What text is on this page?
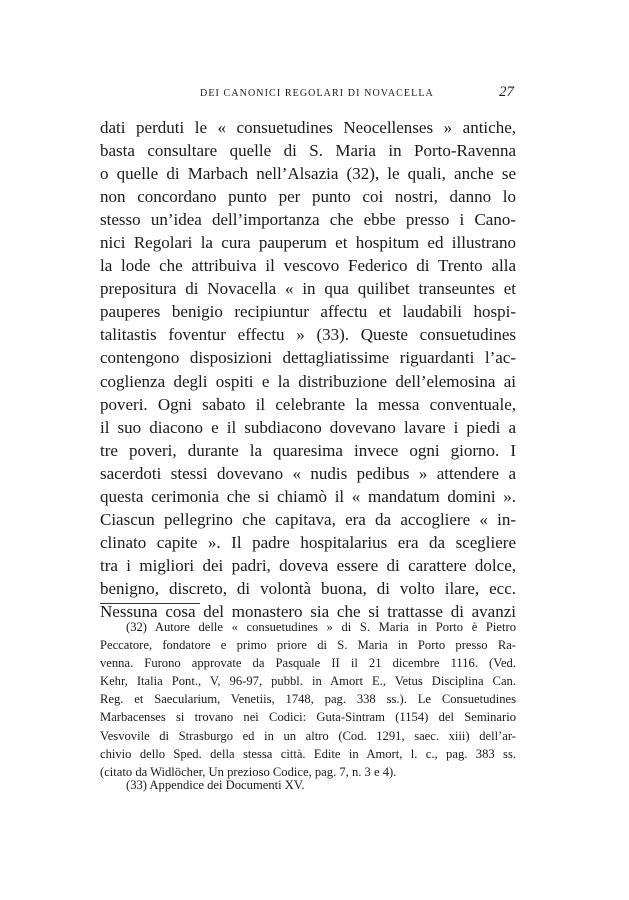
DEI CANONICI REGOLARI DI NOVACELLA	27
dati perduti le « consuetudines Neocellenses » antiche,
basta consultare quelle di S. Maria in Porto-Ravenna
o quelle di Marbach nell’Alsazia (32), le quali, anche se
non concordano punto per punto coi nostri, danno lo
stesso un’idea dell’importanza che ebbe presso i Cano-
nici Regolari la cura pauperum et hospitum ed illustrano
la lode che attribuiva il vescovo Federico di Trento alla
prepositura di Novacella « in qua quilibet transeuntes et
pauperes benigio recipiuntur affectu et laudabili hospi-
talitastis foventur effectu » (33). Queste consuetudines
contengono disposizioni dettagliatissime riguardanti l’ac-
coglienza degli ospiti e la distribuzione dell’elemosina ai
poveri. Ogni sabato il celebrante la messa conventuale,
il suo diacono e il subdiacono dovevano lavare i piedi a
tre poveri, durante la quaresima invece ogni giorno. I
sacerdoti stessi dovevano « nudis pedibus » attendere a
questa cerimonia che si chiamò il « mandatum domini ».
Ciascun pellegrino che capitava, era da accogliere « in-
clinato capite ». Il padre hospitalarius era da scegliere
tra i migliori dei padri, doveva essere di carattere dolce,
benigno, discreto, di volontà buona, di volto ilare, ecc.
Nessuna cosa del monastero sia che si trattasse di avanzi
(32) Autore delle « consuetudines » di S. Maria in Porto è Pietro
Peccatore, fondatore e primo priore di S. Maria in Porto presso Ra-
venna. Furono approvate da Pasquale II il 21 dicembre 1116. (Ved.
Kehr, Italia Pont., V, 96-97, pubbl. in Amort E., Vetus Disciplina Can.
Reg. et Saecularium, Venetiis, 1748, pag. 338 ss.). Le Consuetudines
Marbacenses si trovano nei Codici: Guta-Sintram (1154) del Seminario
Vesvovile di Strasburgo ed in un altro (Cod. 1291, saec. xiii) dell’ar-
chivio dello Sped. della stessa città. Edite in Amort, l. c., pag. 383 ss.
(citato da Widlöcher, Un prezioso Codice, pag. 7, n. 3 e 4).
(33) Appendice dei Documenti XV.
